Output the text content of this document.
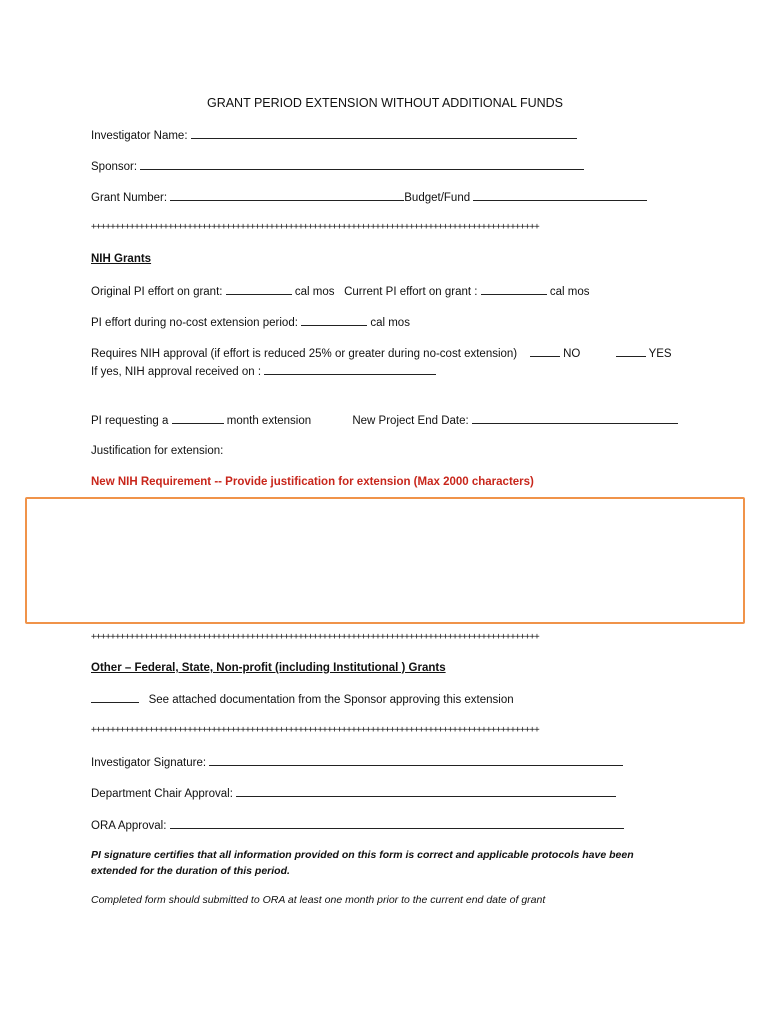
GRANT PERIOD EXTENSION WITHOUT ADDITIONAL FUNDS
Investigator Name:
Sponsor:
Grant Number:	Budget/Fund
+++++++++++++++++++++++++++++++++++++++++++++++++++++++++++++++++++++++++++++++++++++++++++++
NIH Grants
Original PI effort on grant:	cal mos Current PI effort on grant :	cal mos
PI effort during no-cost extension period:	cal mos
Requires NIH approval (if effort is reduced 25% or greater during no-cost extension)	NO	YES
If yes, NIH approval received on :
PI requesting a	month extension	New Project End Date:
Justification for extension:
New NIH Requirement -- Provide justification for extension (Max 2000 characters)
+++++++++++++++++++++++++++++++++++++++++++++++++++++++++++++++++++++++++++++++++++++++++++++
Other – Federal, State, Non-profit (including Institutional ) Grants
See attached documentation from the Sponsor approving this extension
+++++++++++++++++++++++++++++++++++++++++++++++++++++++++++++++++++++++++++++++++++++++++++++
Investigator Signature:
Department Chair Approval:
ORA Approval:
PI signature certifies that all information provided on this form is correct and applicable protocols have been extended for the duration of this period.
Completed form should submitted to ORA at least one month prior to the current end date of grant
